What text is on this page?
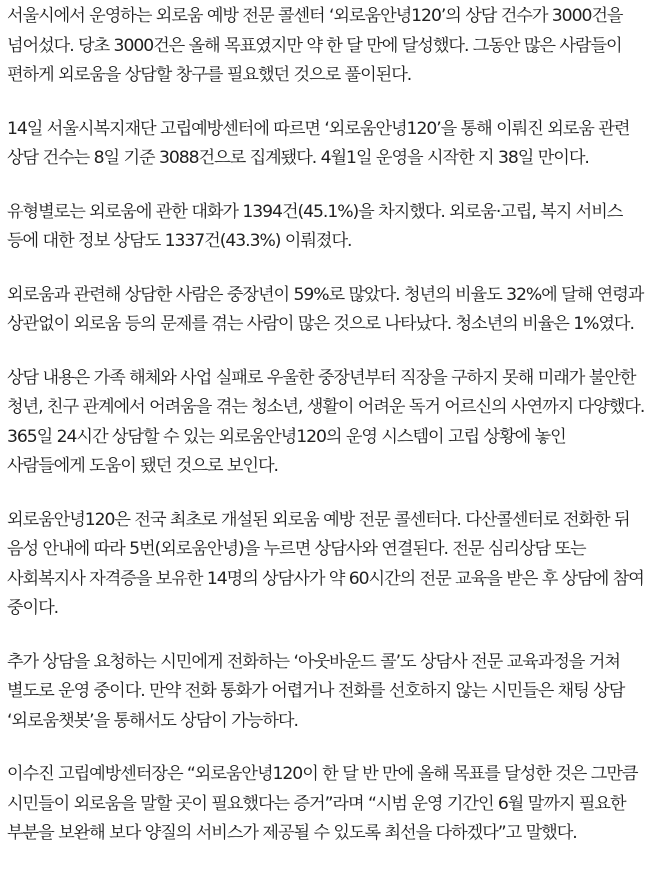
서울시에서 운영하는 외로움 예방 전문 콜센터 ‘외로움안녕120’의 상담 건수가 3000건을 넘어섰다. 당초 3000건은 올해 목표였지만 약 한 달 만에 달성했다. 그동안 많은 사람들이 편하게 외로움을 상담할 창구를 필요했던 것으로 풀이된다.

14일 서울시복지재단 고립예방센터에 따르면 ‘외로움안녕120’을 통해 이뤄진 외로움 관련 상담 건수는 8일 기준 3088건으로 집계됐다. 4월1일 운영을 시작한 지 38일 만이다.

유형별로는 외로움에 관한 대화가 1394건(45.1%)을 차지했다. 외로움·고립, 복지 서비스 등에 대한 정보 상담도 1337건(43.3%) 이뤄졌다.

외로움과 관련해 상담한 사람은 중장년이 59%로 많았다. 청년의 비율도 32%에 달해 연령과 상관없이 외로움 등의 문제를 겪는 사람이 많은 것으로 나타났다. 청소년의 비율은 1%였다.

상담 내용은 가족 해체와 사업 실패로 우울한 중장년부터 직장을 구하지 못해 미래가 불안한 청년, 친구 관계에서 어려움을 겪는 청소년, 생활이 어려운 독거 어르신의 사연까지 다양했다. 365일 24시간 상담할 수 있는 외로움안녕120의 운영 시스템이 고립 상황에 놓인 사람들에게 도움이 됐던 것으로 보인다.

외로움안녕120은 전국 최초로 개설된 외로움 예방 전문 콜센터다. 다산콜센터로 전화한 뒤 음성 안내에 따라 5번(외로움안녕)을 누르면 상담사와 연결된다. 전문 심리상담 또는 사회복지사 자격증을 보유한 14명의 상담사가 약 60시간의 전문 교육을 받은 후 상담에 참여 중이다.

추가 상담을 요청하는 시민에게 전화하는 ‘아웃바운드 콜’도 상담사 전문 교육과정을 거쳐 별도로 운영 중이다. 만약 전화 통화가 어렵거나 전화를 선호하지 않는 시민들은 채팅 상담 ‘외로움챗봇’을 통해서도 상담이 가능하다.

이수진 고립예방센터장은 “외로움안녕120이 한 달 반 만에 올해 목표를 달성한 것은 그만큼 시민들이 외로움을 말할 곳이 필요했다는 증거”라며 “시범 운영 기간인 6월 말까지 필요한 부분을 보완해 보다 양질의 서비스가 제공될 수 있도록 최선을 다하겠다”고 말했다.
